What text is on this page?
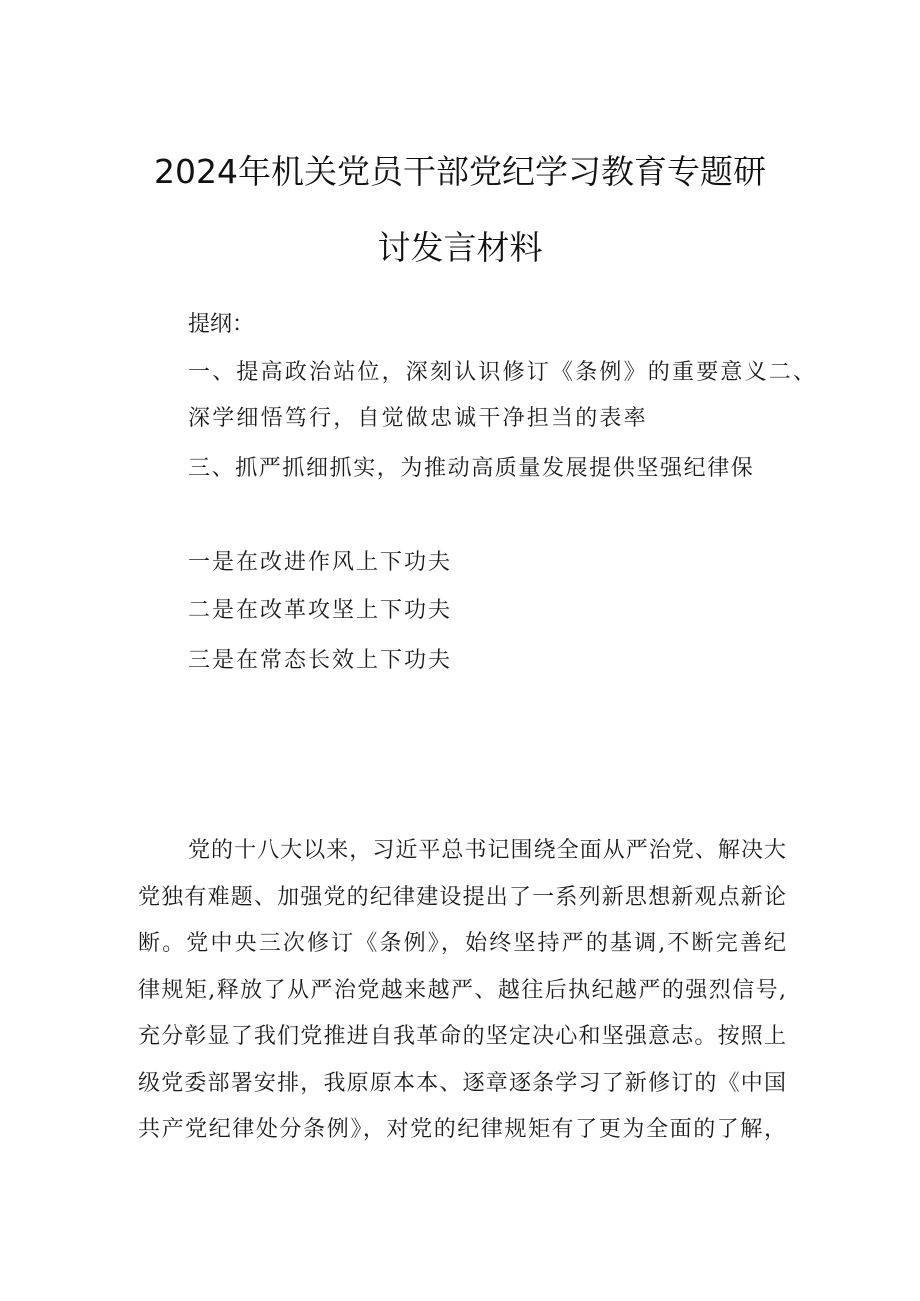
2024年机关党员干部党纪学习教育专题研
讨发言材料
提纲：
一、提高政治站位，深刻认识修订《条例》的重要意义二、
深学细悟笃行，自觉做忠诚干净担当的表率
三、抓严抓细抓实，为推动高质量发展提供坚强纪律保
一是在改进作风上下功夫
二是在改革攻坚上下功夫
三是在常态长效上下功夫
党的十八大以来，习近平总书记围绕全面从严治党、解决大
党独有难题、加强党的纪律建设提出了一系列新思想新观点新论
断。党中央三次修订《条例》，始终坚持严的基调,不断完善纪
律规矩,释放了从严治党越来越严、越往后执纪越严的强烈信号,
充分彰显了我们党推进自我革命的坚定决心和坚强意志。按照上
级党委部署安排，我原原本本、逐章逐条学习了新修订的《中国
共产党纪律处分条例》，对党的纪律规矩有了更为全面的了解，
